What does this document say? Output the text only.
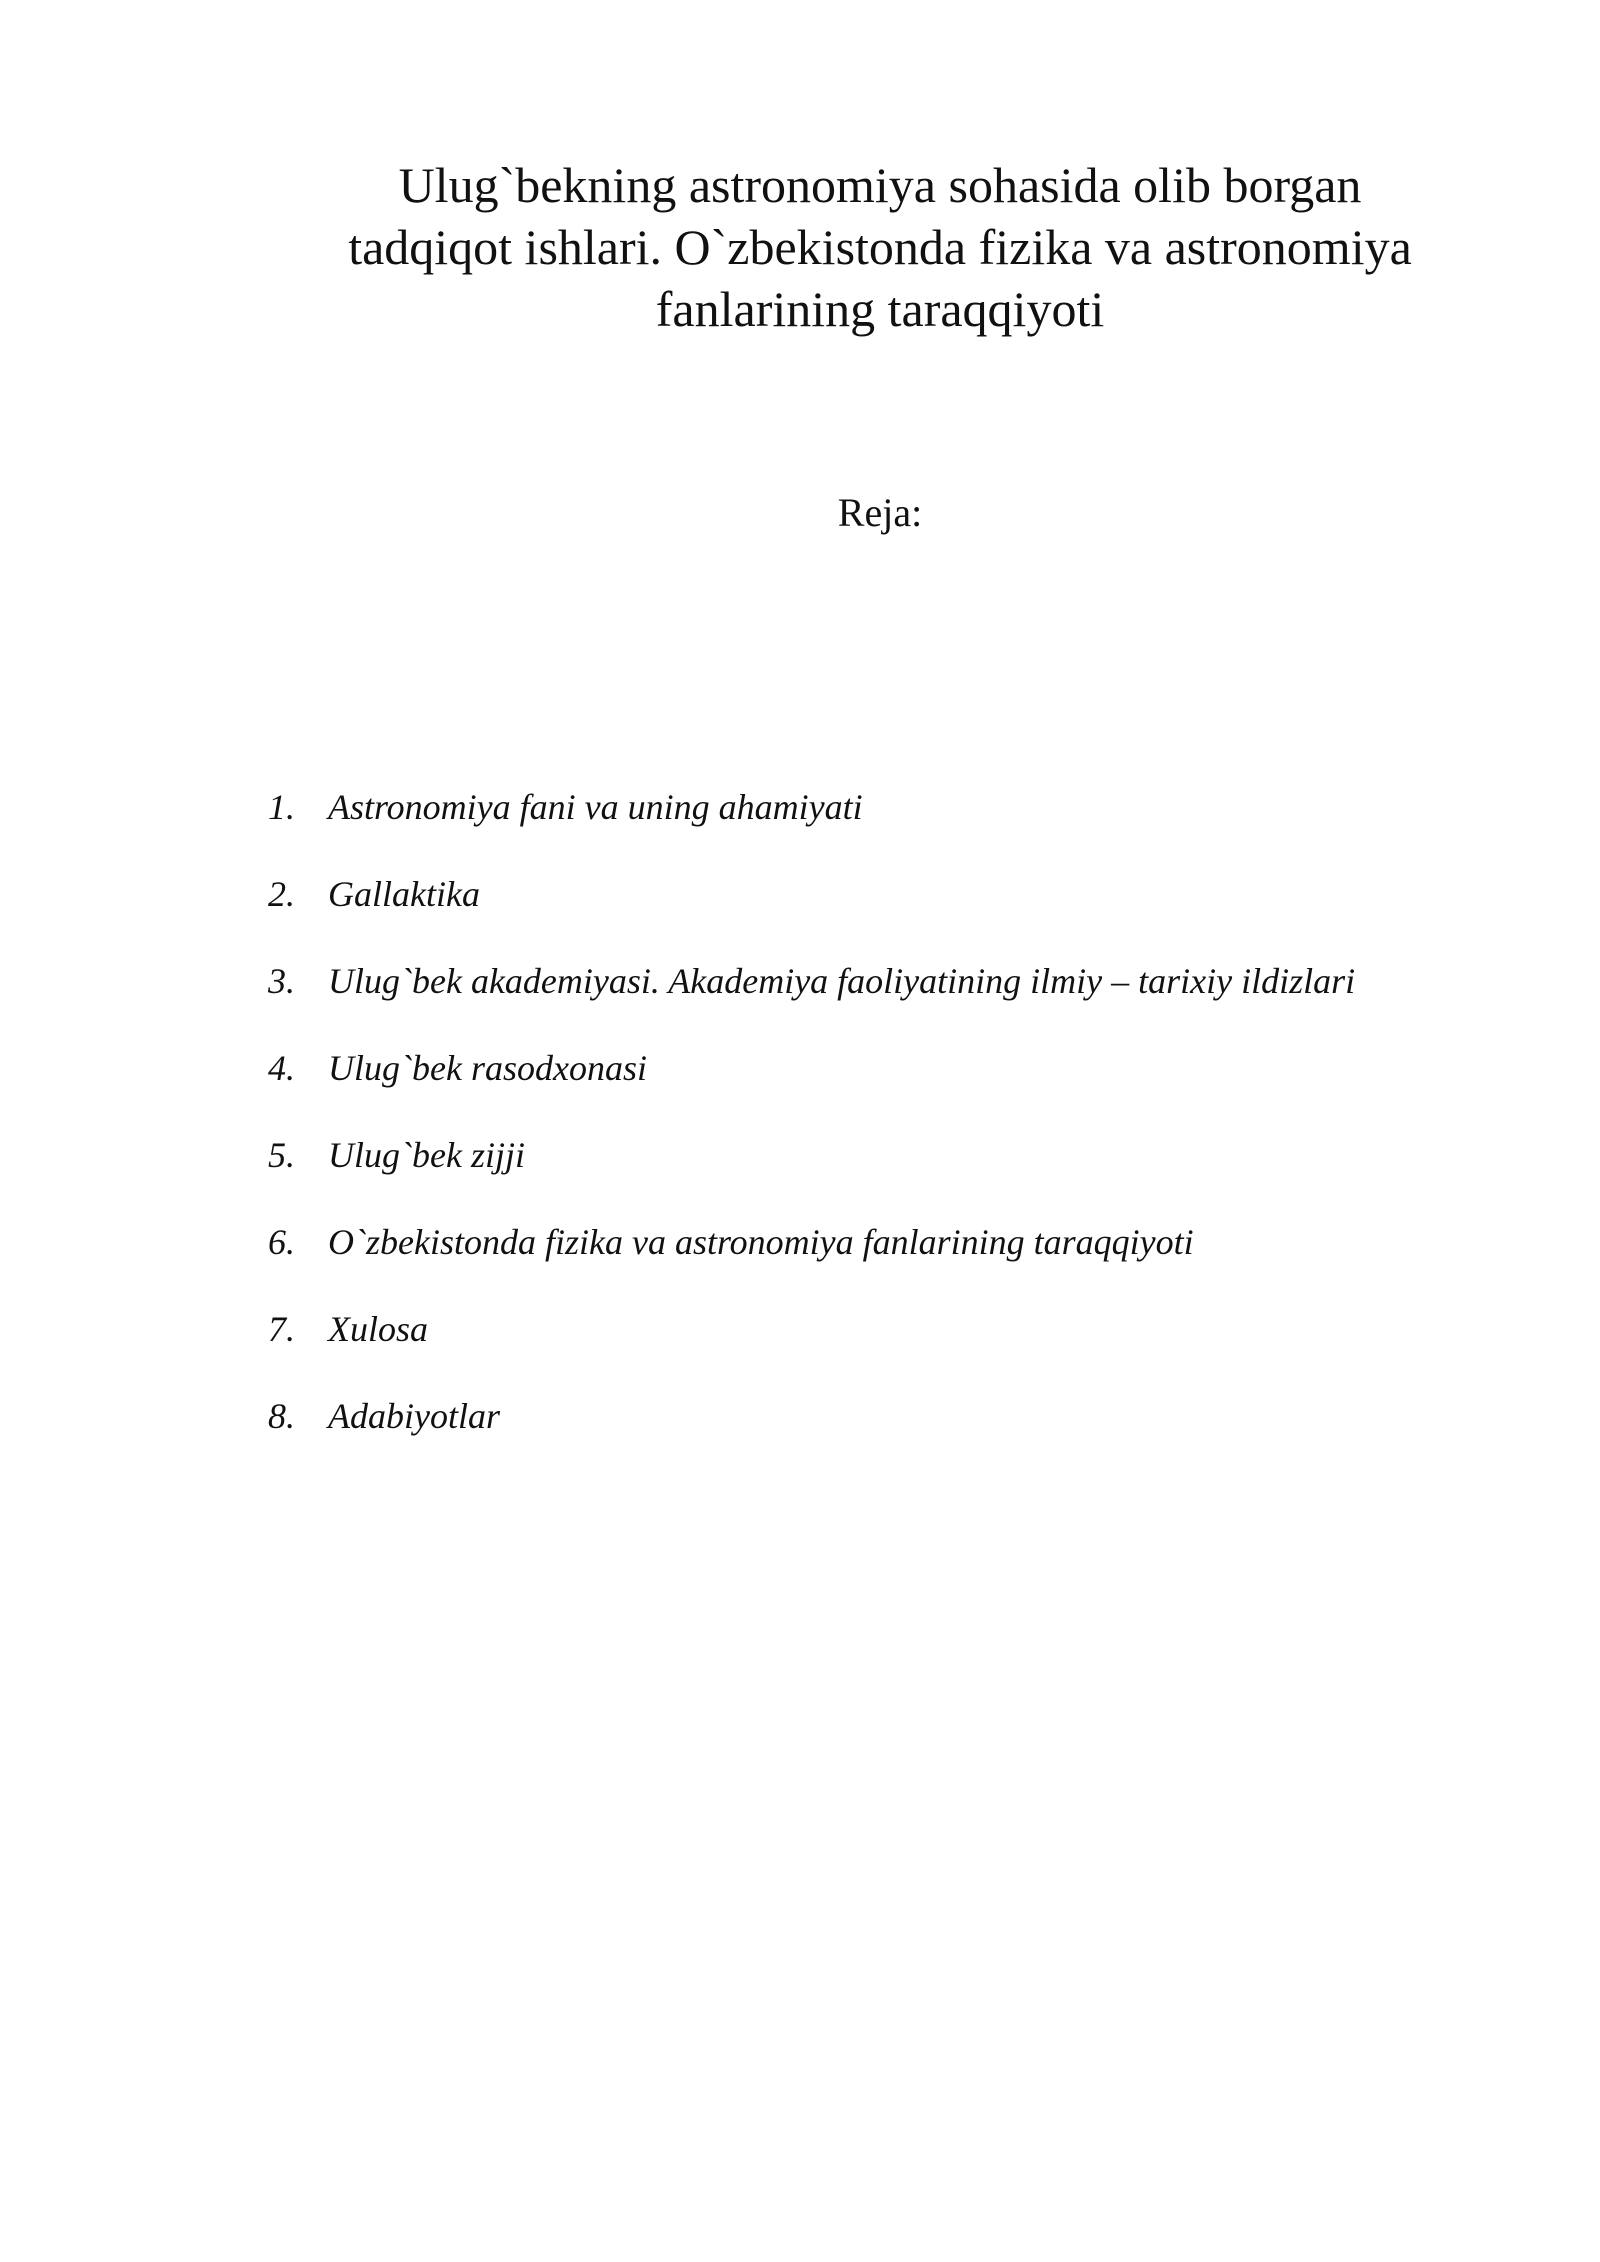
Ulug`bekning astronomiya sohasida olib borgan
tadqiqot ishlari. O`zbekistonda fizika va astronomiya
fanlarining taraqqiyoti

Reja:

1. Astronomiya fani va uning ahamiyati
2. Gallaktika
3. Ulug`bek akademiyasi. Akademiya faoliyatining ilmiy – tarixiy ildizlari
4. Ulug`bek rasodxonasi
5. Ulug`bek zijji
6. O`zbekistonda fizika va astronomiya fanlarining taraqqiyoti
7. Xulosa
8. Adabiyotlar
